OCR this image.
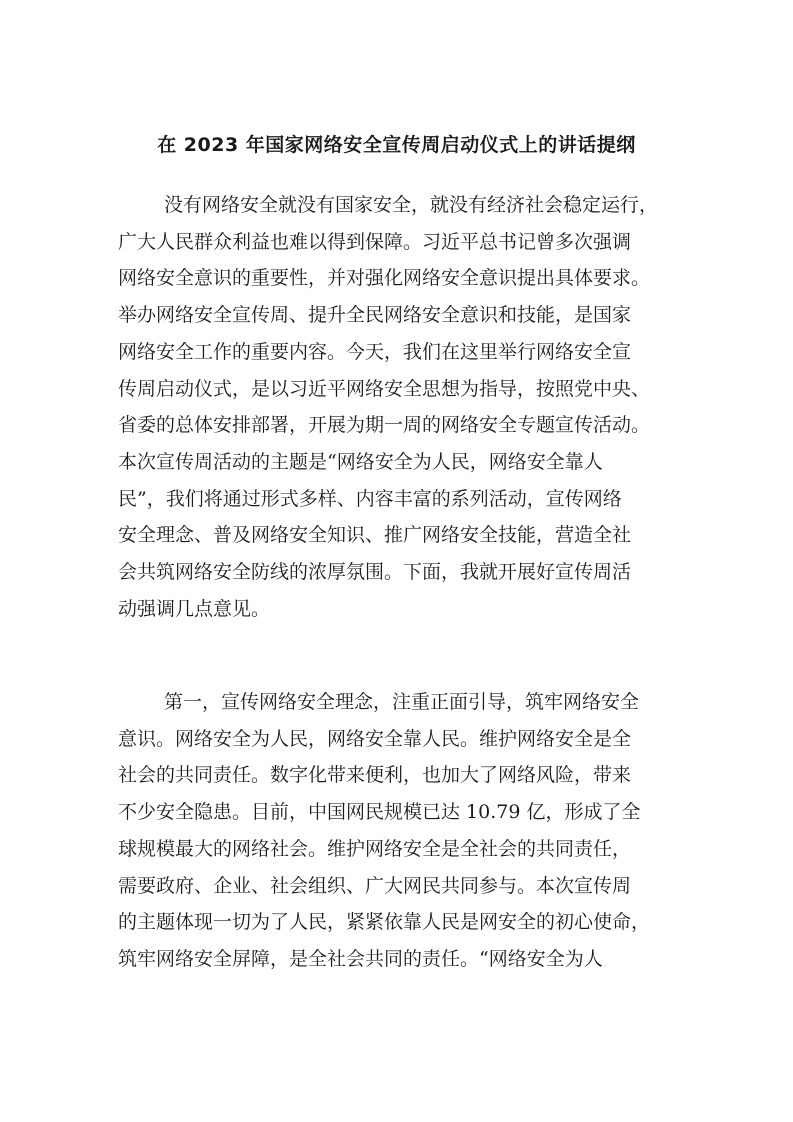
在 2023 年国家网络安全宣传周启动仪式上的讲话提纲
没有网络安全就没有国家安全，就没有经济社会稳定运行，
广大人民群众利益也难以得到保障。习近平总书记曾多次强调
网络安全意识的重要性，并对强化网络安全意识提出具体要求。
举办网络安全宣传周、提升全民网络安全意识和技能，是国家
网络安全工作的重要内容。今天，我们在这里举行网络安全宣
传周启动仪式，是以习近平网络安全思想为指导，按照党中央、
省委的总体安排部署，开展为期一周的网络安全专题宣传活动。
本次宣传周活动的主题是“网络安全为人民，网络安全靠人
民”，我们将通过形式多样、内容丰富的系列活动，宣传网络
安全理念、普及网络安全知识、推广网络安全技能，营造全社
会共筑网络安全防线的浓厚氛围。下面，我就开展好宣传周活
动强调几点意见。
第一，宣传网络安全理念，注重正面引导，筑牢网络安全
意识。网络安全为人民，网络安全靠人民。维护网络安全是全
社会的共同责任。数字化带来便利，也加大了网络风险，带来
不少安全隐患。目前，中国网民规模已达 10.79 亿，形成了全
球规模最大的网络社会。维护网络安全是全社会的共同责任，
需要政府、企业、社会组织、广大网民共同参与。本次宣传周
的主题体现一切为了人民，紧紧依靠人民是网安全的初心使命，
筑牢网络安全屏障，是全社会共同的责任。“网络安全为人
